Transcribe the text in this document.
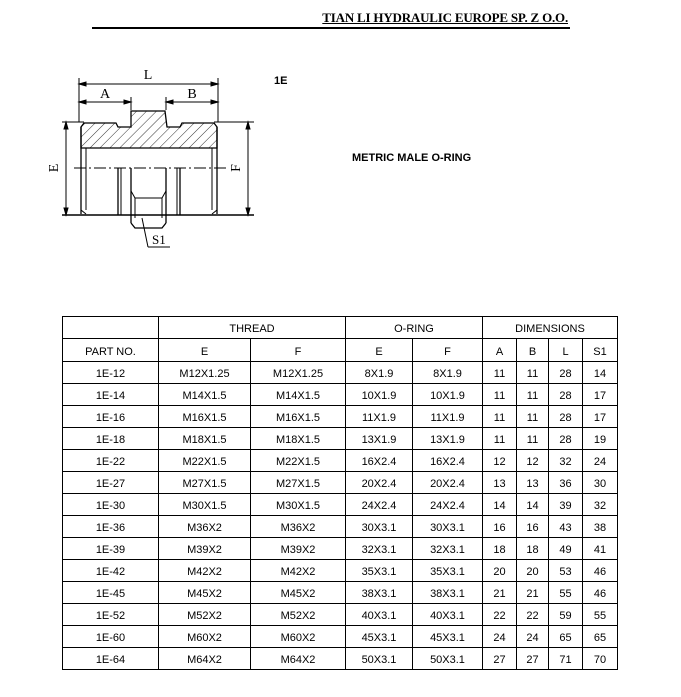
TIAN LI HYDRAULIC EUROPE SP. Z O.O.
L
A	B
E	F
S1
1E
METRIC MALE O-RING
	THREAD		O-RING		DIMENSIONS			
PART NO.	E	F	E	F	A	B	L	S1
1E-12	M12X1.25	M12X1.25	8X1.9	8X1.9	11	11	28	14
1E-14	M14X1.5	M14X1.5	10X1.9	10X1.9	11	11	28	17
1E-16	M16X1.5	M16X1.5	11X1.9	11X1.9	11	11	28	17
1E-18	M18X1.5	M18X1.5	13X1.9	13X1.9	11	11	28	19
1E-22	M22X1.5	M22X1.5	16X2.4	16X2.4	12	12	32	24
1E-27	M27X1.5	M27X1.5	20X2.4	20X2.4	13	13	36	30
1E-30	M30X1.5	M30X1.5	24X2.4	24X2.4	14	14	39	32
1E-36	M36X2	M36X2	30X3.1	30X3.1	16	16	43	38
1E-39	M39X2	M39X2	32X3.1	32X3.1	18	18	49	41
1E-42	M42X2	M42X2	35X3.1	35X3.1	20	20	53	46
1E-45	M45X2	M45X2	38X3.1	38X3.1	21	21	55	46
1E-52	M52X2	M52X2	40X3.1	40X3.1	22	22	59	55
1E-60	M60X2	M60X2	45X3.1	45X3.1	24	24	65	65
1E-64	M64X2	M64X2	50X3.1	50X3.1	27	27	71	70
